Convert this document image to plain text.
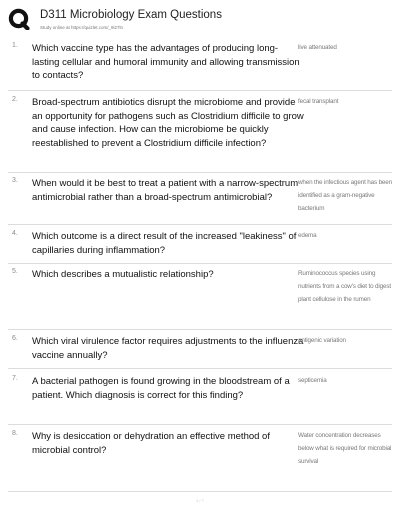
D311 Microbiology Exam Questions
Study online at https://quizlet.com/_9i27ln
1. Which vaccine type has the advantages of producing long-lasting cellular and humoral immunity and allowing transmission to contacts?
live attenuated
2. Broad-spectrum antibiotics disrupt the microbiome and provide an opportunity for pathogens such as Clostridium difficile to grow and cause infection. How can the microbiome be quickly reestablished to prevent a Clostridium difficile infection?
fecal transplant
3. When would it be best to treat a patient with a narrow-spectrum antimicrobial rather than a broad-spectrum antimicrobial?
when the infectious agent has been identified as a gram-negative bacterium
4. Which outcome is a direct result of the increased "leakiness" of capillaries during inflammation?
edema
5. Which describes a mutualistic relationship?	Ruminococcus species using nutrients from a cow's diet to digest plant cellulose in the rumen
6. Which viral virulence factor requires adjustments to the influenza vaccine annually?
antigenic variation
7. A bacterial pathogen is found growing in the bloodstream of a patient. Which diagnosis is correct for this finding?
septicemia
8. Why is desiccation or dehydration an effective method of microbial control?
Water concentration decreases below what is required for microbial survival
1 / 7
